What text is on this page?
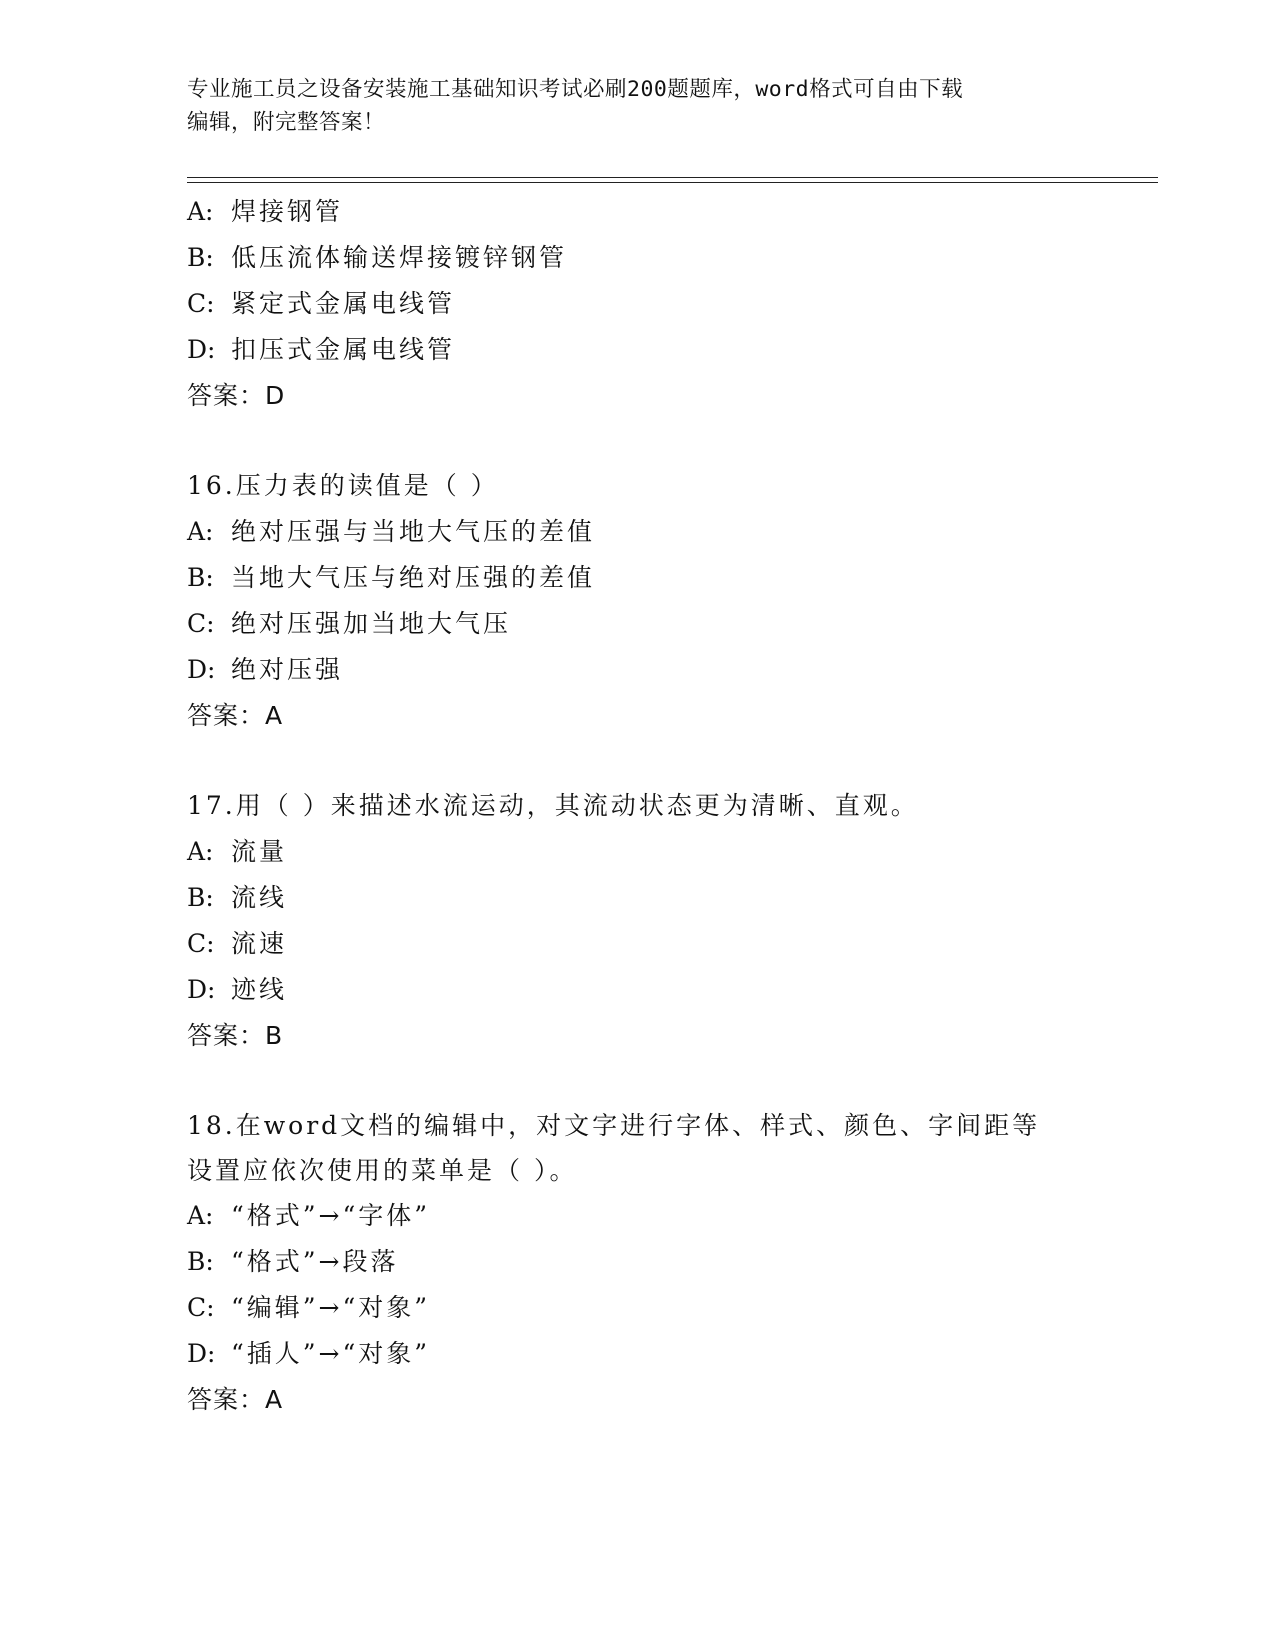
专业施工员之设备安装施工基础知识考试必刷200题题库，word格式可自由下载
编辑，附完整答案！
A: 焊接钢管
B: 低压流体输送焊接镀锌钢管
C: 紧定式金属电线管
D: 扣压式金属电线管
答案：D
16.压力表的读值是（ ）
A: 绝对压强与当地大气压的差值
B: 当地大气压与绝对压强的差值
C: 绝对压强加当地大气压
D: 绝对压强
答案：A
17.用（ ）来描述水流运动，其流动状态更为清晰、直观。
A: 流量
B: 流线
C: 流速
D: 迹线
答案：B
18.在word文档的编辑中，对文字进行字体、样式、颜色、字间距等
设置应依次使用的菜单是（ ）。
A: “格式”→“字体”
B: “格式”→段落
C: “编辑”→“对象”
D: “插人”→“对象”
答案：A
